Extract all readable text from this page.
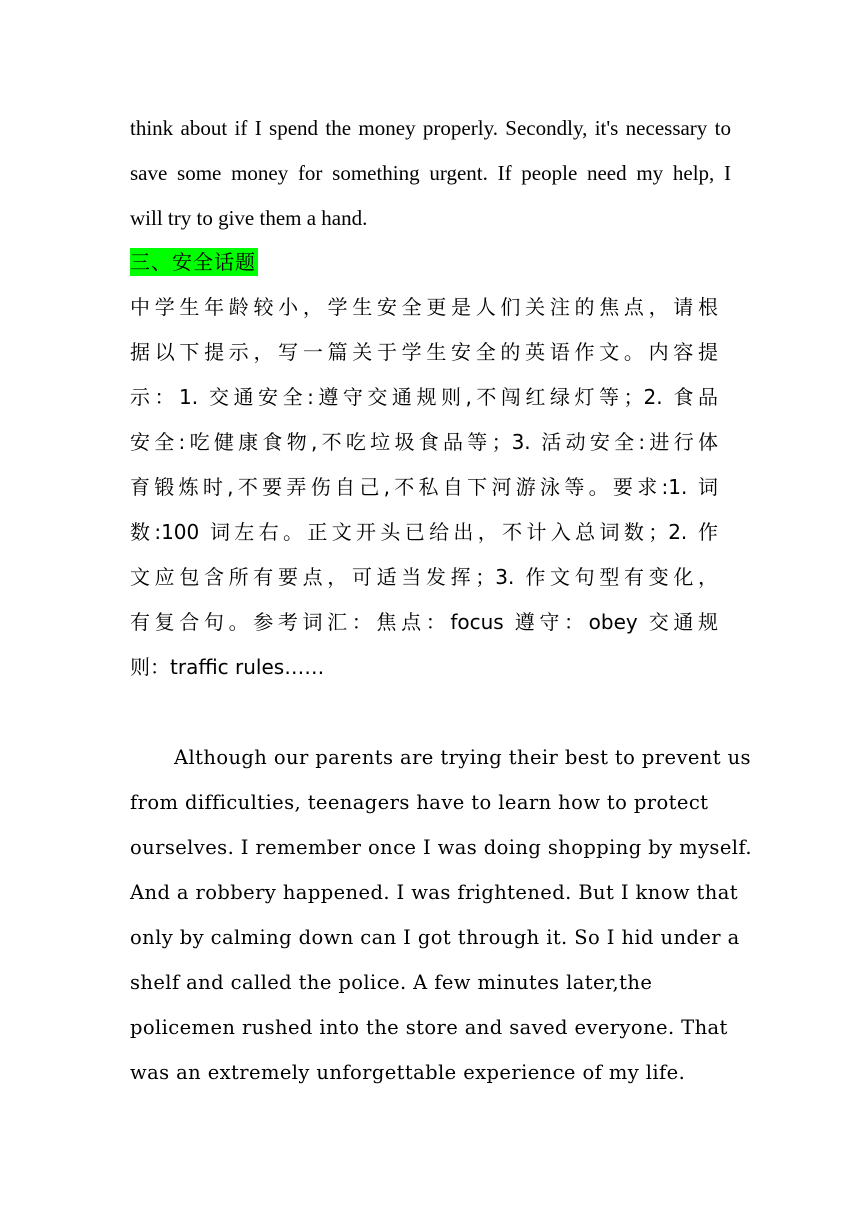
think about if I spend the money properly. Secondly, it's necessary to
save some money for something urgent. If people need my help, I
will try to give them a hand.
三、安全话题
中学生年龄较小，学生安全更是人们关注的焦点，请根
据以下提示，写一篇关于学生安全的英语作文。内容提
示：1. 交通安全:遵守交通规则,不闯红绿灯等；2. 食品
安全:吃健康食物,不吃垃圾食品等；3. 活动安全:进行体
育锻炼时,不要弄伤自己,不私自下河游泳等。要求:1. 词
数:100 词左右。正文开头已给出，不计入总词数；2. 作
文应包含所有要点，可适当发挥；3. 作文句型有变化，
有复合句。参考词汇：焦点：focus 遵守：obey 交通规
则：traffic rules……
Although our parents are trying their best to prevent us
from difficulties, teenagers have to learn how to protect
ourselves. I remember once I was doing shopping by myself.
And a robbery happened. I was frightened. But I know that
only by calming down can I got through it. So I hid under a
shelf and called the police. A few minutes later,the
policemen rushed into the store and saved everyone. That
was an extremely unforgettable experience of my life.
